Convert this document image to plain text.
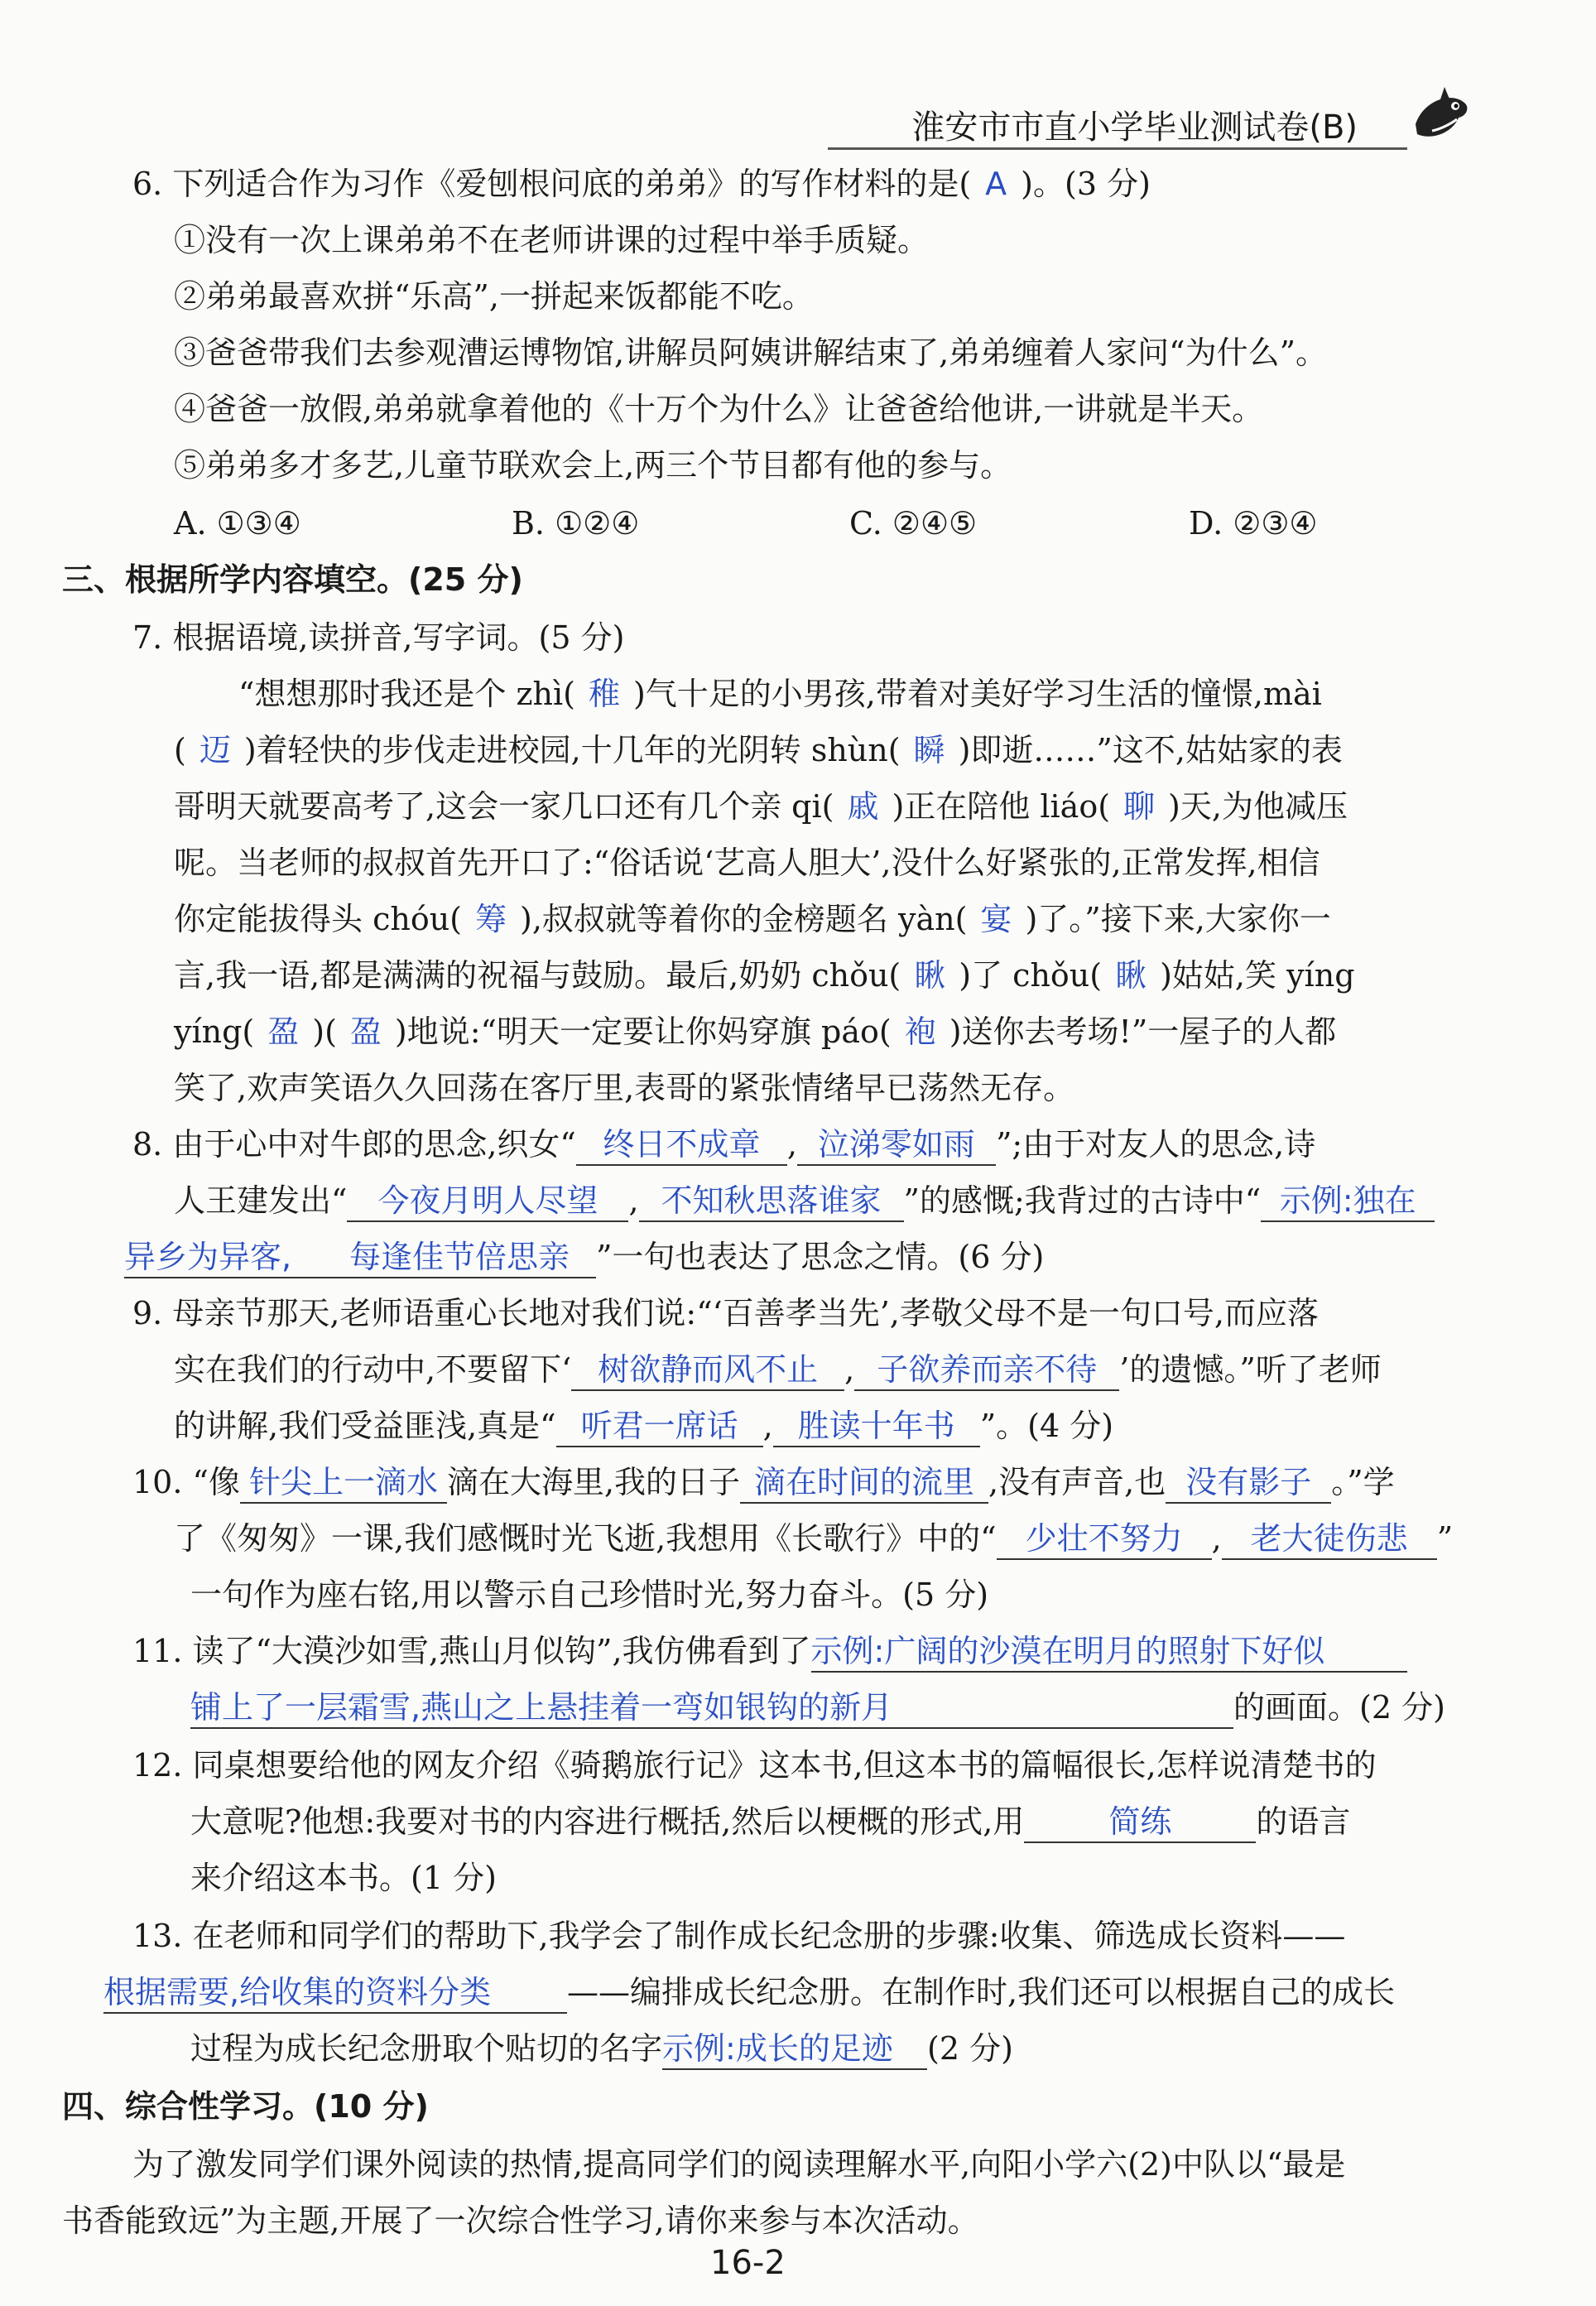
淮安市市直小学毕业测试卷(B)
6. 下列适合作为习作《爱刨根问底的弟弟》的写作材料的是( A )。(3 分)
①没有一次上课弟弟不在老师讲课的过程中举手质疑。
②弟弟最喜欢拼“乐高”,一拼起来饭都能不吃。
③爸爸带我们去参观漕运博物馆,讲解员阿姨讲解结束了,弟弟缠着人家问“为什么”。
④爸爸一放假,弟弟就拿着他的《十万个为什么》让爸爸给他讲,一讲就是半天。
⑤弟弟多才多艺,儿童节联欢会上,两三个节目都有他的参与。
A. ①③④	B. ①②④	C. ②④⑤	D. ②③④
三、根据所学内容填空。(25 分)
7. 根据语境,读拼音,写字词。(5 分)
“想想那时我还是个 zhì( 稚 )气十足的小男孩,带着对美好学习生活的憧憬,mài
( 迈 )着轻快的步伐走进校园,十几年的光阴转 shùn( 瞬 )即逝……”这不,姑姑家的表
哥明天就要高考了,这会一家几口还有几个亲 qi( 戚 )正在陪他 liáo( 聊 )天,为他减压
呢。当老师的叔叔首先开口了:“俗话说‘艺高人胆大’,没什么好紧张的,正常发挥,相信
你定能拔得头 chóu( 筹 ),叔叔就等着你的金榜题名 yàn( 宴 )了。”接下来,大家你一
言,我一语,都是满满的祝福与鼓励。最后,奶奶 chǒu( 瞅 )了 chǒu( 瞅 )姑姑,笑 yíng
yíng( 盈 )( 盈 )地说:“明天一定要让你妈穿旗 páo( 袍 )送你去考场!”一屋子的人都
笑了,欢声笑语久久回荡在客厅里,表哥的紧张情绪早已荡然无存。
8. 由于心中对牛郎的思念,织女“ 终日不成章 , 泣涕零如雨 ”;由于对友人的思念,诗
人王建发出“ 今夜月明人尽望 , 不知秋思落谁家 ”的感慨;我背过的古诗中“ 示例:独在
异乡为异客, 每逢佳节倍思亲 ”一句也表达了思念之情。(6 分)
9. 母亲节那天,老师语重心长地对我们说:“‘百善孝当先’,孝敬父母不是一句口号,而应落
实在我们的行动中,不要留下‘ 树欲静而风不止 , 子欲养而亲不待 ’的遗憾。”听了老师
的讲解,我们受益匪浅,真是“ 听君一席话 , 胜读十年书 ”。(4 分)
10. “像 针尖上一滴水 滴在大海里,我的日子 滴在时间的流里 ,没有声音,也 没有影子 。”学
了《匆匆》一课,我们感慨时光飞逝,我想用《长歌行》中的“ 少壮不努力 , 老大徒伤悲 ”
一句作为座右铭,用以警示自己珍惜时光,努力奋斗。(5 分)
11. 读了“大漠沙如雪,燕山月似钩”,我仿佛看到了示例:广阔的沙漠在明月的照射下好似
铺上了一层霜雪,燕山之上悬挂着一弯如银钩的新月	的画面。(2 分)
12. 同桌想要给他的网友介绍《骑鹅旅行记》这本书,但这本书的篇幅很长,怎样说清楚书的
大意呢?他想:我要对书的内容进行概括,然后以梗概的形式,用	简练	的语言
来介绍这本书。(1 分)
13. 在老师和同学们的帮助下,我学会了制作成长纪念册的步骤:收集、筛选成长资料——
根据需要,给收集的资料分类 ——编排成长纪念册。在制作时,我们还可以根据自己的成长
过程为成长纪念册取个贴切的名字示例:成长的足迹 (2 分)
四、综合性学习。(10 分)
为了激发同学们课外阅读的热情,提高同学们的阅读理解水平,向阳小学六(2)中队以“最是
书香能致远”为主题,开展了一次综合性学习,请你来参与本次活动。
16-2
